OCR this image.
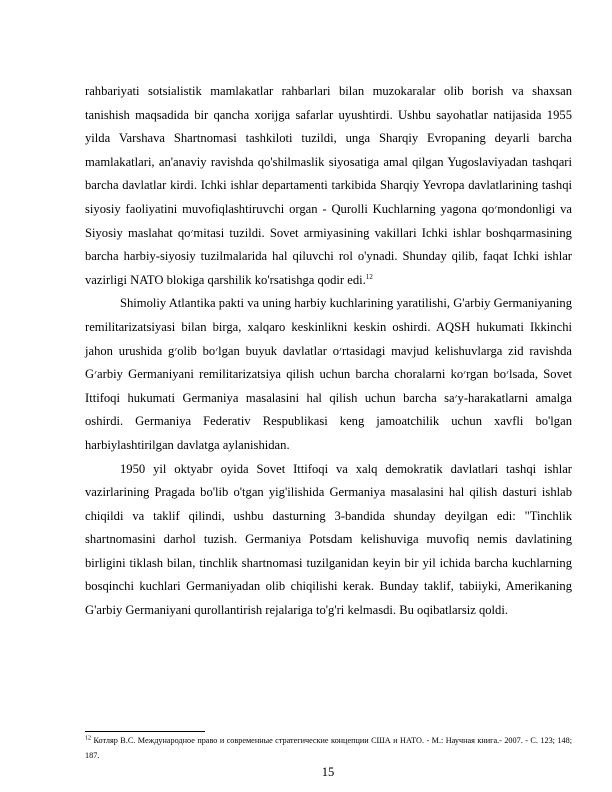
rahbariyati sotsialistik mamlakatlar rahbarlari bilan muzokaralar olib borish va shaxsan tanishish maqsadida bir qancha xorijga safarlar uyushtirdi. Ushbu sayohatlar natijasida 1955 yilda Varshava Shartnomasi tashkiloti tuzildi, unga Sharqiy Evropaning deyarli barcha mamlakatlari, an'anaviy ravishda qo'shilmaslik siyosatiga amal qilgan Yugoslaviyadan tashqari barcha davlatlar kirdi. Ichki ishlar departamenti tarkibida Sharqiy Yevropa davlatlarining tashqi siyosiy faoliyatini muvofiqlashtiruvchi organ - Qurolli Kuchlarning yagona qo׳mondonligi va Siyosiy maslahat qo׳mitasi tuzildi. Sovet armiyasining vakillari Ichki ishlar boshqarmasining barcha harbiy-siyosiy tuzilmalarida hal qiluvchi rol o'ynadi. Shunday qilib, faqat Ichki ishlar vazirligi NATO blokiga qarshilik ko'rsatishga qodir edi.$^{12}$

Shimoliy Atlantika pakti va uning harbiy kuchlarining yaratilishi, G'arbiy Germaniyaning remilitarizatsiyasi bilan birga, xalqaro keskinlikni keskin oshirdi. AQSH hukumati Ikkinchi jahon urushida g׳olib bo׳lgan buyuk davlatlar o׳rtasidagi mavjud kelishuvlarga zid ravishda G׳arbiy Germaniyani remilitarizatsiya qilish uchun barcha choralarni ko׳rgan bo׳lsada, Sovet Ittifoqi hukumati Germaniya masalasini hal qilish uchun barcha sa׳y-harakatlarni amalga oshirdi. Germaniya Federativ Respublikasi keng jamoatchilik uchun xavfli bo'lgan harbiylashtirilgan davlatga aylanishidan.

1950 yil oktyabr oyida Sovet Ittifoqi va xalq demokratik davlatlari tashqi ishlar vazirlarining Pragada bo'lib o'tgan yig'ilishida Germaniya masalasini hal qilish dasturi ishlab chiqildi va taklif qilindi, ushbu dasturning 3-bandida shunday deyilgan edi: "Tinchlik shartnomasini darhol tuzish. Germaniya Potsdam kelishuviga muvofiq nemis davlatining birligini tiklash bilan, tinchlik shartnomasi tuzilganidan keyin bir yil ichida barcha kuchlarning bosqinchi kuchlari Germaniyadan olib chiqilishi kerak. Bunday taklif, tabiiyki, Amerikaning G'arbiy Germaniyani qurollantirish rejalariga to'g'ri kelmasdi. Bu oqibatlarsiz qoldi.

$^{12}$ Котляр В.С. Международное право и современные стратегические концепции США и НАТО. - М.: Научная книга.- 2007. - С. 123; 148; 187.

15
